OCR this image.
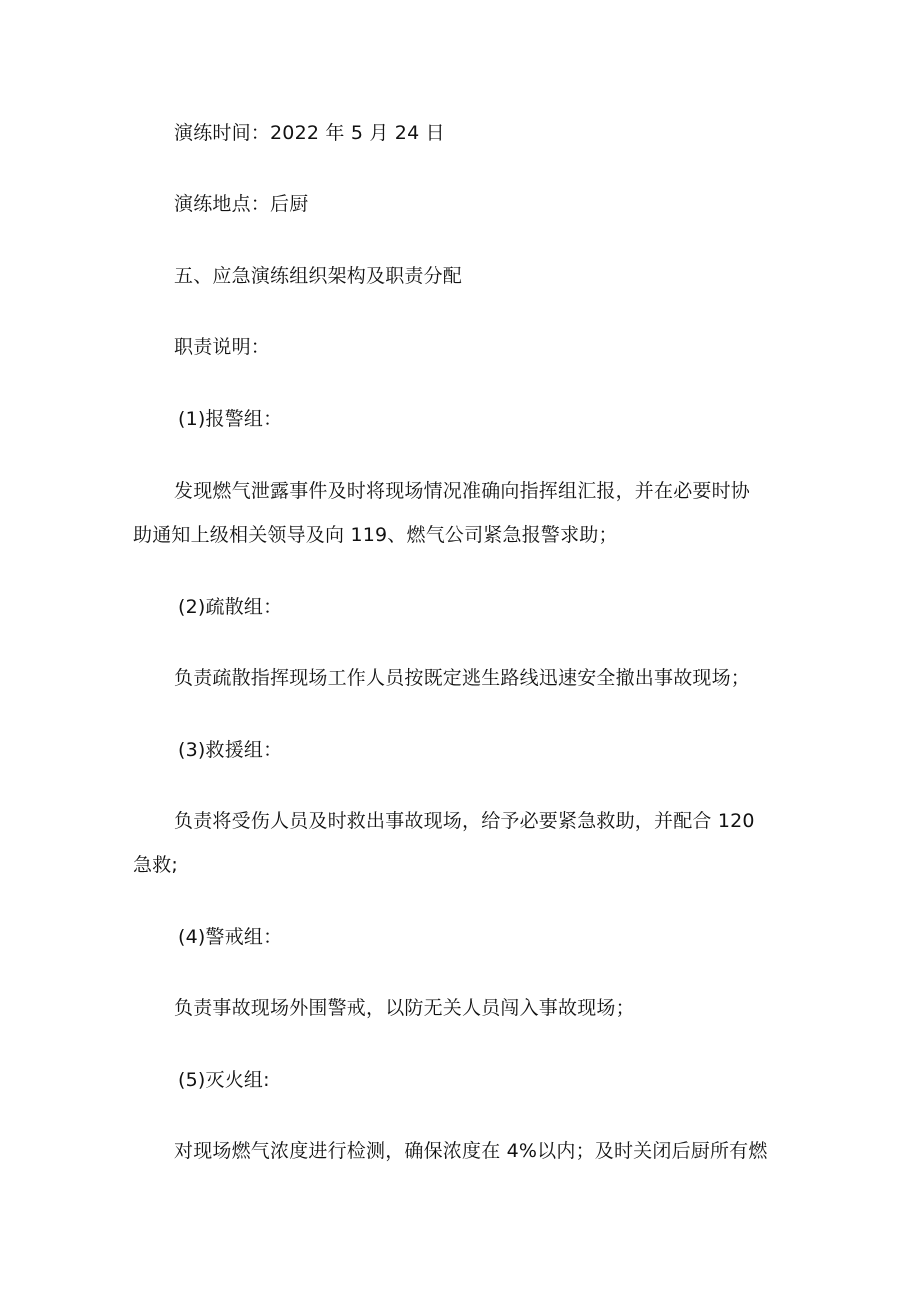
演练时间：2022 年 5 月 24 日
演练地点：后厨
五、应急演练组织架构及职责分配
职责说明：
(1)报警组：
发现燃气泄露事件及时将现场情况准确向指挥组汇报，并在必要时协
助通知上级相关领导及向 119、燃气公司紧急报警求助；
(2)疏散组：
负责疏散指挥现场工作人员按既定逃生路线迅速安全撤出事故现场；
(3)救援组：
负责将受伤人员及时救出事故现场，给予必要紧急救助，并配合 120
急救;
(4)警戒组：
负责事故现场外围警戒，以防无关人员闯入事故现场；
(5)灭火组:
对现场燃气浓度进行检测，确保浓度在 4%以内；及时关闭后厨所有燃
